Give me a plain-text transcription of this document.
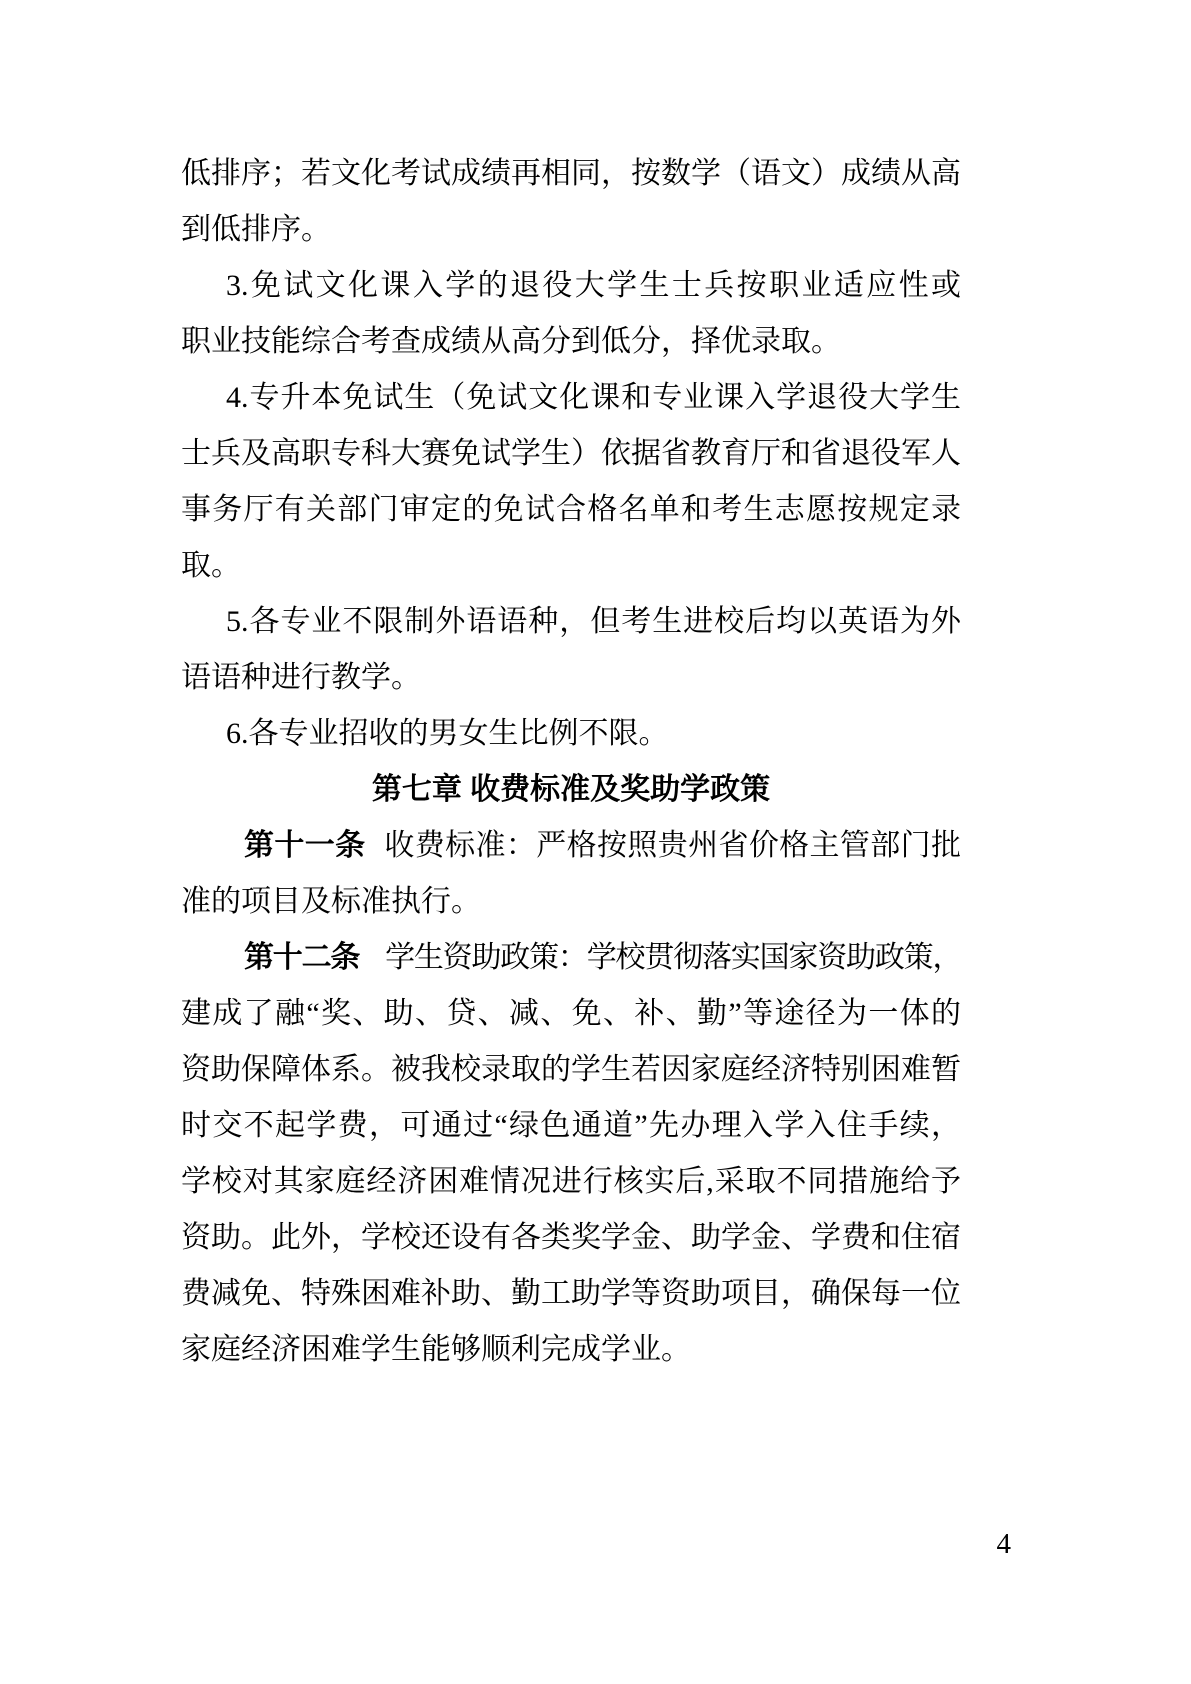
低排序；若文化考试成绩再相同，按数学（语文）成绩从高
到低排序。
3.免试文化课入学的退役大学生士兵按职业适应性或
职业技能综合考查成绩从高分到低分，择优录取。
4.专升本免试生（免试文化课和专业课入学退役大学生
士兵及高职专科大赛免试学生）依据省教育厅和省退役军人
事务厅有关部门审定的免试合格名单和考生志愿按规定录
取。
5.各专业不限制外语语种，但考生进校后均以英语为外
语语种进行教学。
6.各专业招收的男女生比例不限。
第七章 收费标准及奖助学政策
第十一条 收费标准：严格按照贵州省价格主管部门批
准的项目及标准执行。
第十二条 学生资助政策：学校贯彻落实国家资助政策，
建成了融“奖、助、贷、减、免、补、勤”等途径为一体的
资助保障体系。被我校录取的学生若因家庭经济特别困难暂
时交不起学费，可通过“绿色通道”先办理入学入住手续，
学校对其家庭经济困难情况进行核实后,采取不同措施给予
资助。此外，学校还设有各类奖学金、助学金、学费和住宿
费减免、特殊困难补助、勤工助学等资助项目，确保每一位
家庭经济困难学生能够顺利完成学业。
4
